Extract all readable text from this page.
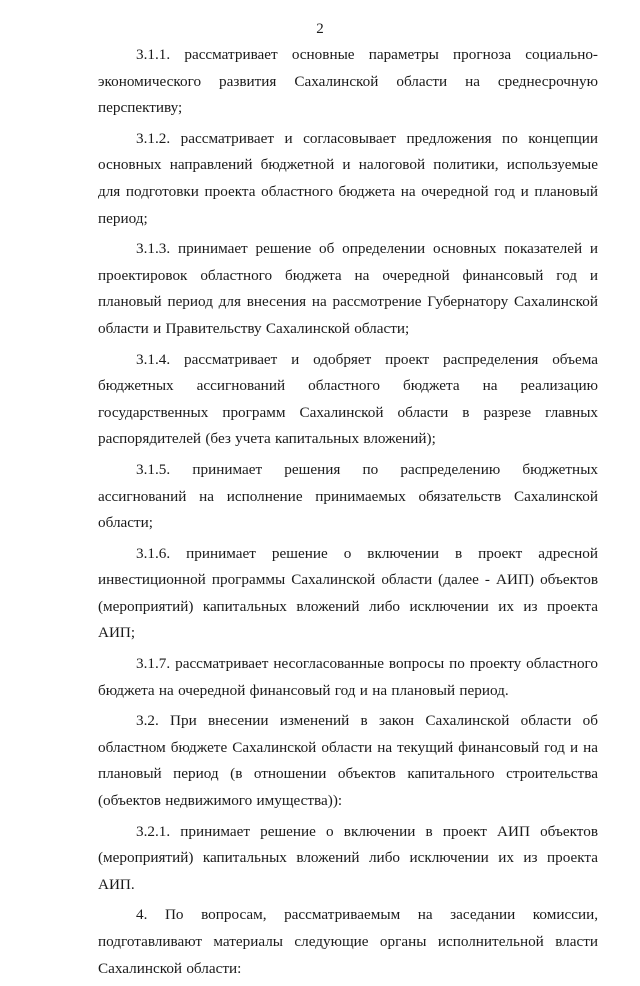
2

3.1.1. рассматривает основные параметры прогноза социально-экономического развития Сахалинской области на среднесрочную перспективу;

3.1.2. рассматривает и согласовывает предложения по концепции основных направлений бюджетной и налоговой политики, используемые для подготовки проекта областного бюджета на очередной год и плановый период;

3.1.3. принимает решение об определении основных показателей и проектировок областного бюджета на очередной финансовый год и плановый период для внесения на рассмотрение Губернатору Сахалинской области и Правительству Сахалинской области;

3.1.4. рассматривает и одобряет проект распределения объема бюджетных ассигнований областного бюджета на реализацию государственных программ Сахалинской области в разрезе главных распорядителей (без учета капитальных вложений);

3.1.5. принимает решения по распределению бюджетных ассигнований на исполнение принимаемых обязательств Сахалинской области;

3.1.6. принимает решение о включении в проект адресной инвестиционной программы Сахалинской области (далее - АИП) объектов (мероприятий) капитальных вложений либо исключении их из проекта АИП;

3.1.7. рассматривает несогласованные вопросы по проекту областного бюджета на очередной финансовый год и на плановый период.

3.2. При внесении изменений в закон Сахалинской области об областном бюджете Сахалинской области на текущий финансовый год и на плановый период (в отношении объектов капитального строительства (объектов недвижимого имущества)):

3.2.1. принимает решение о включении в проект АИП объектов (мероприятий) капитальных вложений либо исключении их из проекта АИП.

4. По вопросам, рассматриваемым на заседании комиссии, подготавливают материалы следующие органы исполнительной власти Сахалинской области:
